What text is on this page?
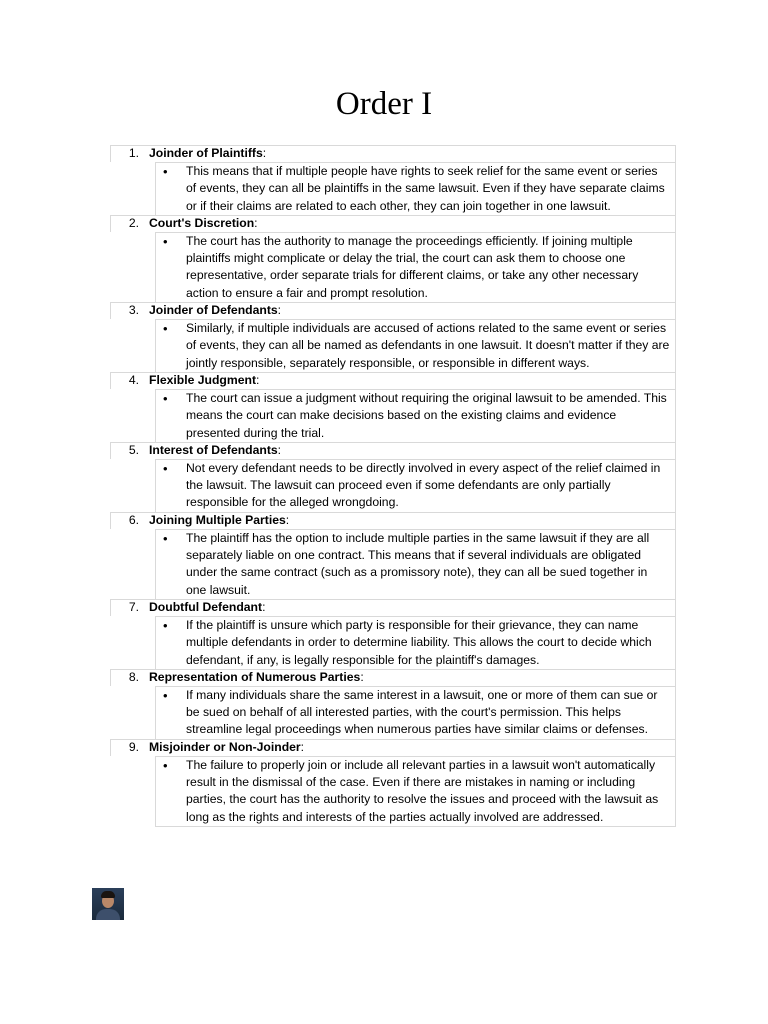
Order I
1. Joinder of Plaintiffs:
• This means that if multiple people have rights to seek relief for the same event or series of events, they can all be plaintiffs in the same lawsuit. Even if they have separate claims or if their claims are related to each other, they can join together in one lawsuit.
2. Court's Discretion:
• The court has the authority to manage the proceedings efficiently. If joining multiple plaintiffs might complicate or delay the trial, the court can ask them to choose one representative, order separate trials for different claims, or take any other necessary action to ensure a fair and prompt resolution.
3. Joinder of Defendants:
• Similarly, if multiple individuals are accused of actions related to the same event or series of events, they can all be named as defendants in one lawsuit. It doesn't matter if they are jointly responsible, separately responsible, or responsible in different ways.
4. Flexible Judgment:
• The court can issue a judgment without requiring the original lawsuit to be amended. This means the court can make decisions based on the existing claims and evidence presented during the trial.
5. Interest of Defendants:
• Not every defendant needs to be directly involved in every aspect of the relief claimed in the lawsuit. The lawsuit can proceed even if some defendants are only partially responsible for the alleged wrongdoing.
6. Joining Multiple Parties:
• The plaintiff has the option to include multiple parties in the same lawsuit if they are all separately liable on one contract. This means that if several individuals are obligated under the same contract (such as a promissory note), they can all be sued together in one lawsuit.
7. Doubtful Defendant:
• If the plaintiff is unsure which party is responsible for their grievance, they can name multiple defendants in order to determine liability. This allows the court to decide which defendant, if any, is legally responsible for the plaintiff's damages.
8. Representation of Numerous Parties:
• If many individuals share the same interest in a lawsuit, one or more of them can sue or be sued on behalf of all interested parties, with the court's permission. This helps streamline legal proceedings when numerous parties have similar claims or defenses.
9. Misjoinder or Non-Joinder:
• The failure to properly join or include all relevant parties in a lawsuit won't automatically result in the dismissal of the case. Even if there are mistakes in naming or including parties, the court has the authority to resolve the issues and proceed with the lawsuit as long as the rights and interests of the parties actually involved are addressed.
